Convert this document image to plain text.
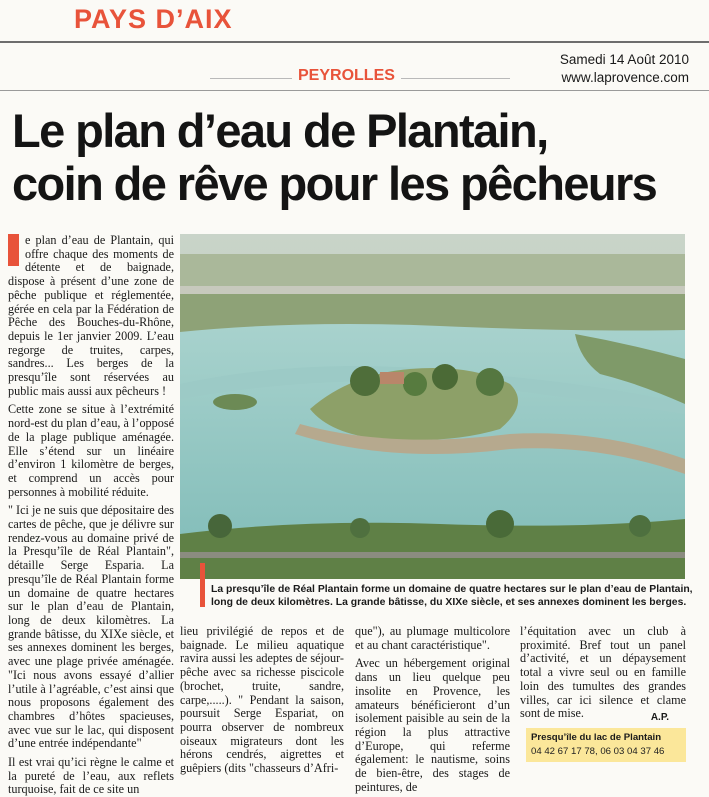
PAYS D’AIX
PEYROLLES
Samedi 14 Août 2010
www.laprovence.com
Le plan d’eau de Plantain,
coin de rêve pour les pêcheurs

e plan d’eau de Plantain, qui offre chaque des moments de détente et de baignade, dispose à présent d’une zone de pêche publique et réglementée, gérée en cela par la Fédération de Pêche des Bouches-du-Rhône, depuis le 1er janvier 2009. L’eau regorge de truites, carpes, sandres... Les berges de la presqu’île sont réservées au public mais aussi aux pêcheurs !

Cette zone se situe à l’extrémité nord-est du plan d’eau, à l’opposé de la plage publique aménagée. Elle s’étend sur un linéaire d’environ 1 kilomètre de berges, et comprend un accès pour personnes à mobilité réduite.

" Ici je ne suis que dépositaire des cartes de pêche, que je délivre sur rendez-vous au domaine privé de la Presqu’île de Réal Plantain", détaille Serge Esparia. La presqu’île de Réal Plantain forme un domaine de quatre hectares sur le plan d’eau de Plantain, long de deux kilomètres. La grande bâtisse, du XIXe siècle, et ses annexes dominent les berges, avec une plage privée aménagée. "Ici nous avons essayé d’allier l’utile à l’agréable, c’est ainsi que nous proposons également des chambres d’hôtes spacieuses, avec vue sur le lac, qui disposent d’une entrée indépendante"

Il est vrai qu’ici règne le calme et la pureté de l’eau, aux reflets turquoise, fait de ce site un

La presqu’île de Réal Plantain forme un domaine de quatre hectares sur le plan d’eau de Plantain, long de deux kilomètres. La grande bâtisse, du XIXe siècle, et ses annexes dominent les berges.
lieu privilégié de repos et de baignade. Le milieu aquatique ravira aussi les adeptes de séjour-pêche avec sa richesse piscicole (brochet, truite, sandre, carpe,.....). " Pendant la saison, poursuit Serge Espariat, on pourra observer de nombreux oiseaux migrateurs dont les hérons cendrés, aigrettes et guêpiers (dits "chasseurs d’Afri-

que"), au plumage multicolore et au chant caractéristique".

Avec un hébergement original dans un lieu quelque peu insolite en Provence, les amateurs bénéficieront d’un isolement paisible au sein de la région la plus attractive d’Europe, qui referme également: le nautisme, soins de bien-être, des stages de peintures, de

l’équitation avec un club à proximité. Bref tout un panel d’activité, et un dépaysement total a vivre seul ou en famille loin des tumultes des grandes villes, car ici silence et clame sont de mise.	A.P.
Presqu’île du lac de Plantain
04 42 67 17 78, 06 03 04 37 46
